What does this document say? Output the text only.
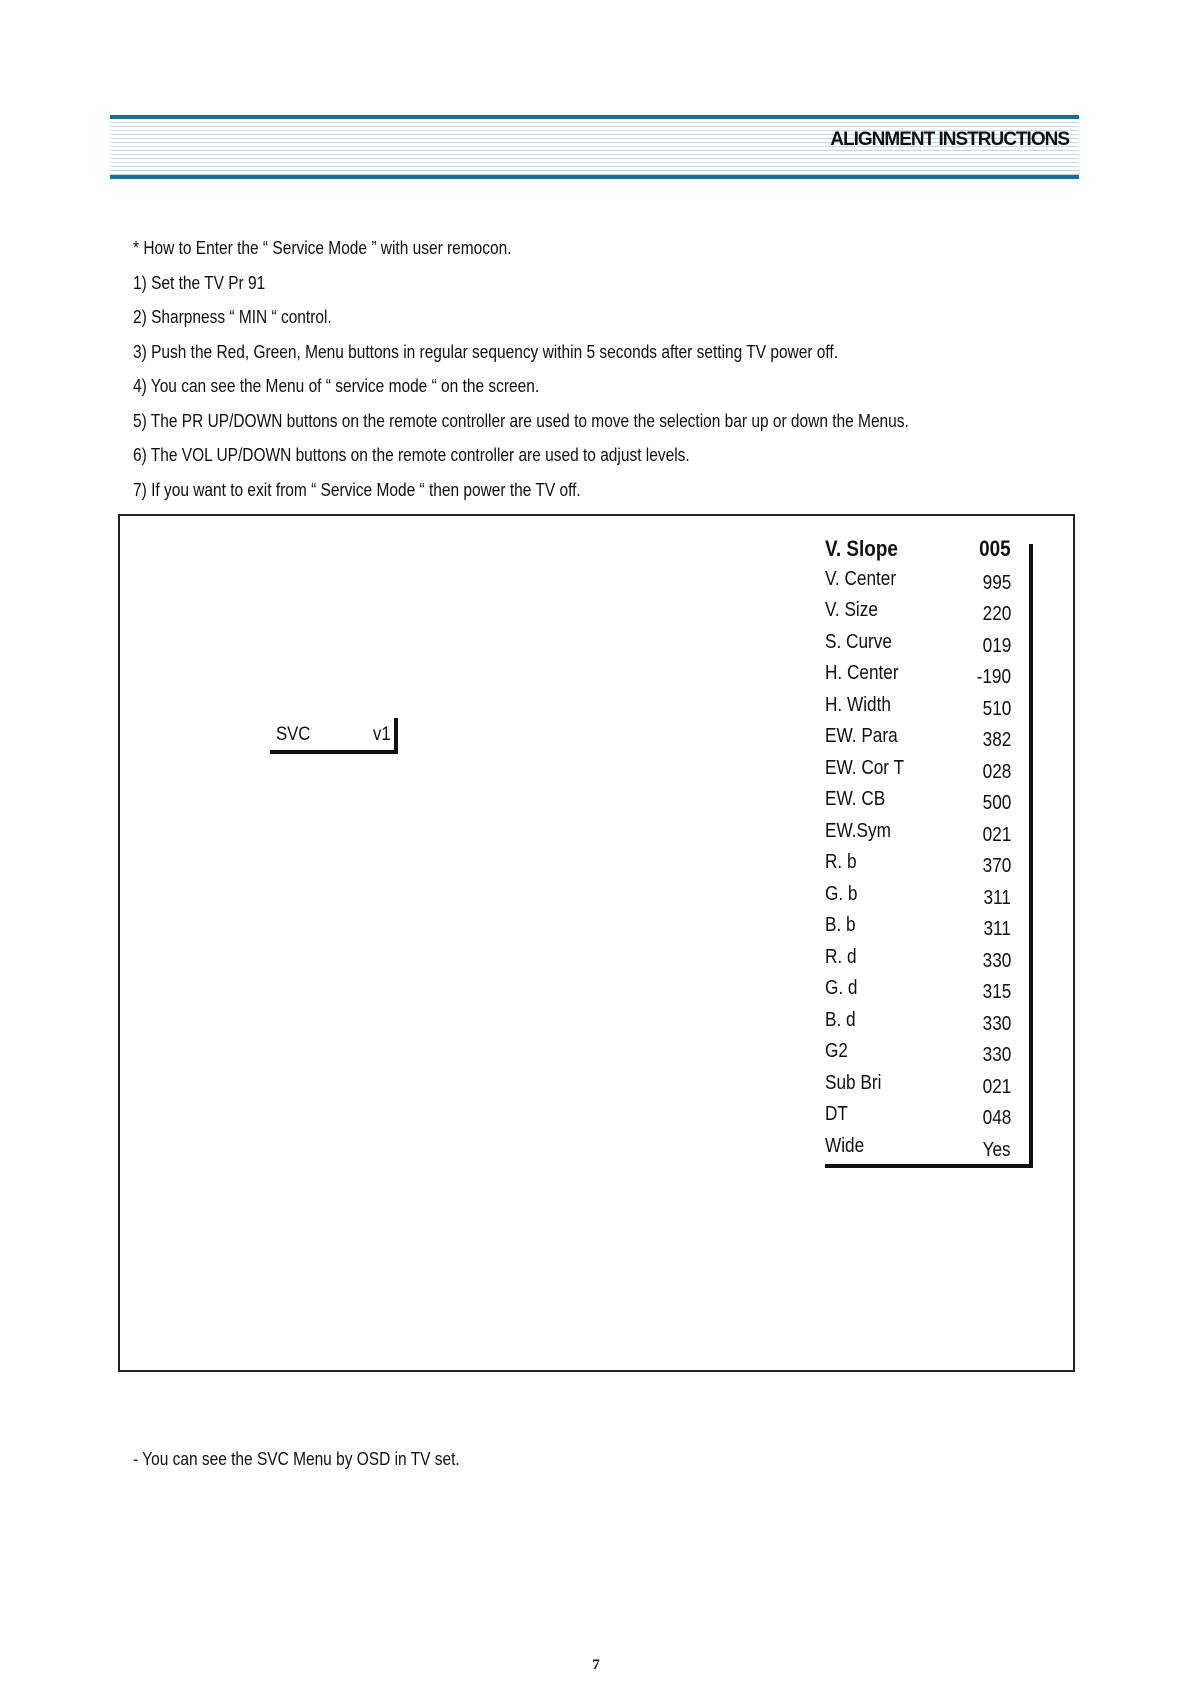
ALIGNMENT INSTRUCTIONS
* How to Enter the “ Service Mode ” with user remocon.
1) Set the TV Pr 91
2) Sharpness “ MIN “ control.
3) Push the Red, Green, Menu buttons in regular sequency within 5 seconds after setting TV power off.
4) You can see the Menu of “ service mode “ on the screen.
5) The PR UP/DOWN buttons on the remote controller are used to move the selection bar up or down the Menus.
6) The VOL UP/DOWN buttons on the remote controller are used to adjust levels.
7) If you want to exit from “ Service Mode “ then power the TV off.
SVC	v1
V. Slope	005
V. Center	995
V. Size	220
S. Curve	019
H. Center	-190
H. Width	510
EW. Para	382
EW. Cor T	028
EW. CB	500
EW.Sym	021
R. b	370
G. b	311
B. b	311
R. d	330
G. d	315
B. d	330
G2	330
Sub Bri	021
DT	048
Wide	Yes
- You can see the SVC Menu by OSD in TV set.
7
